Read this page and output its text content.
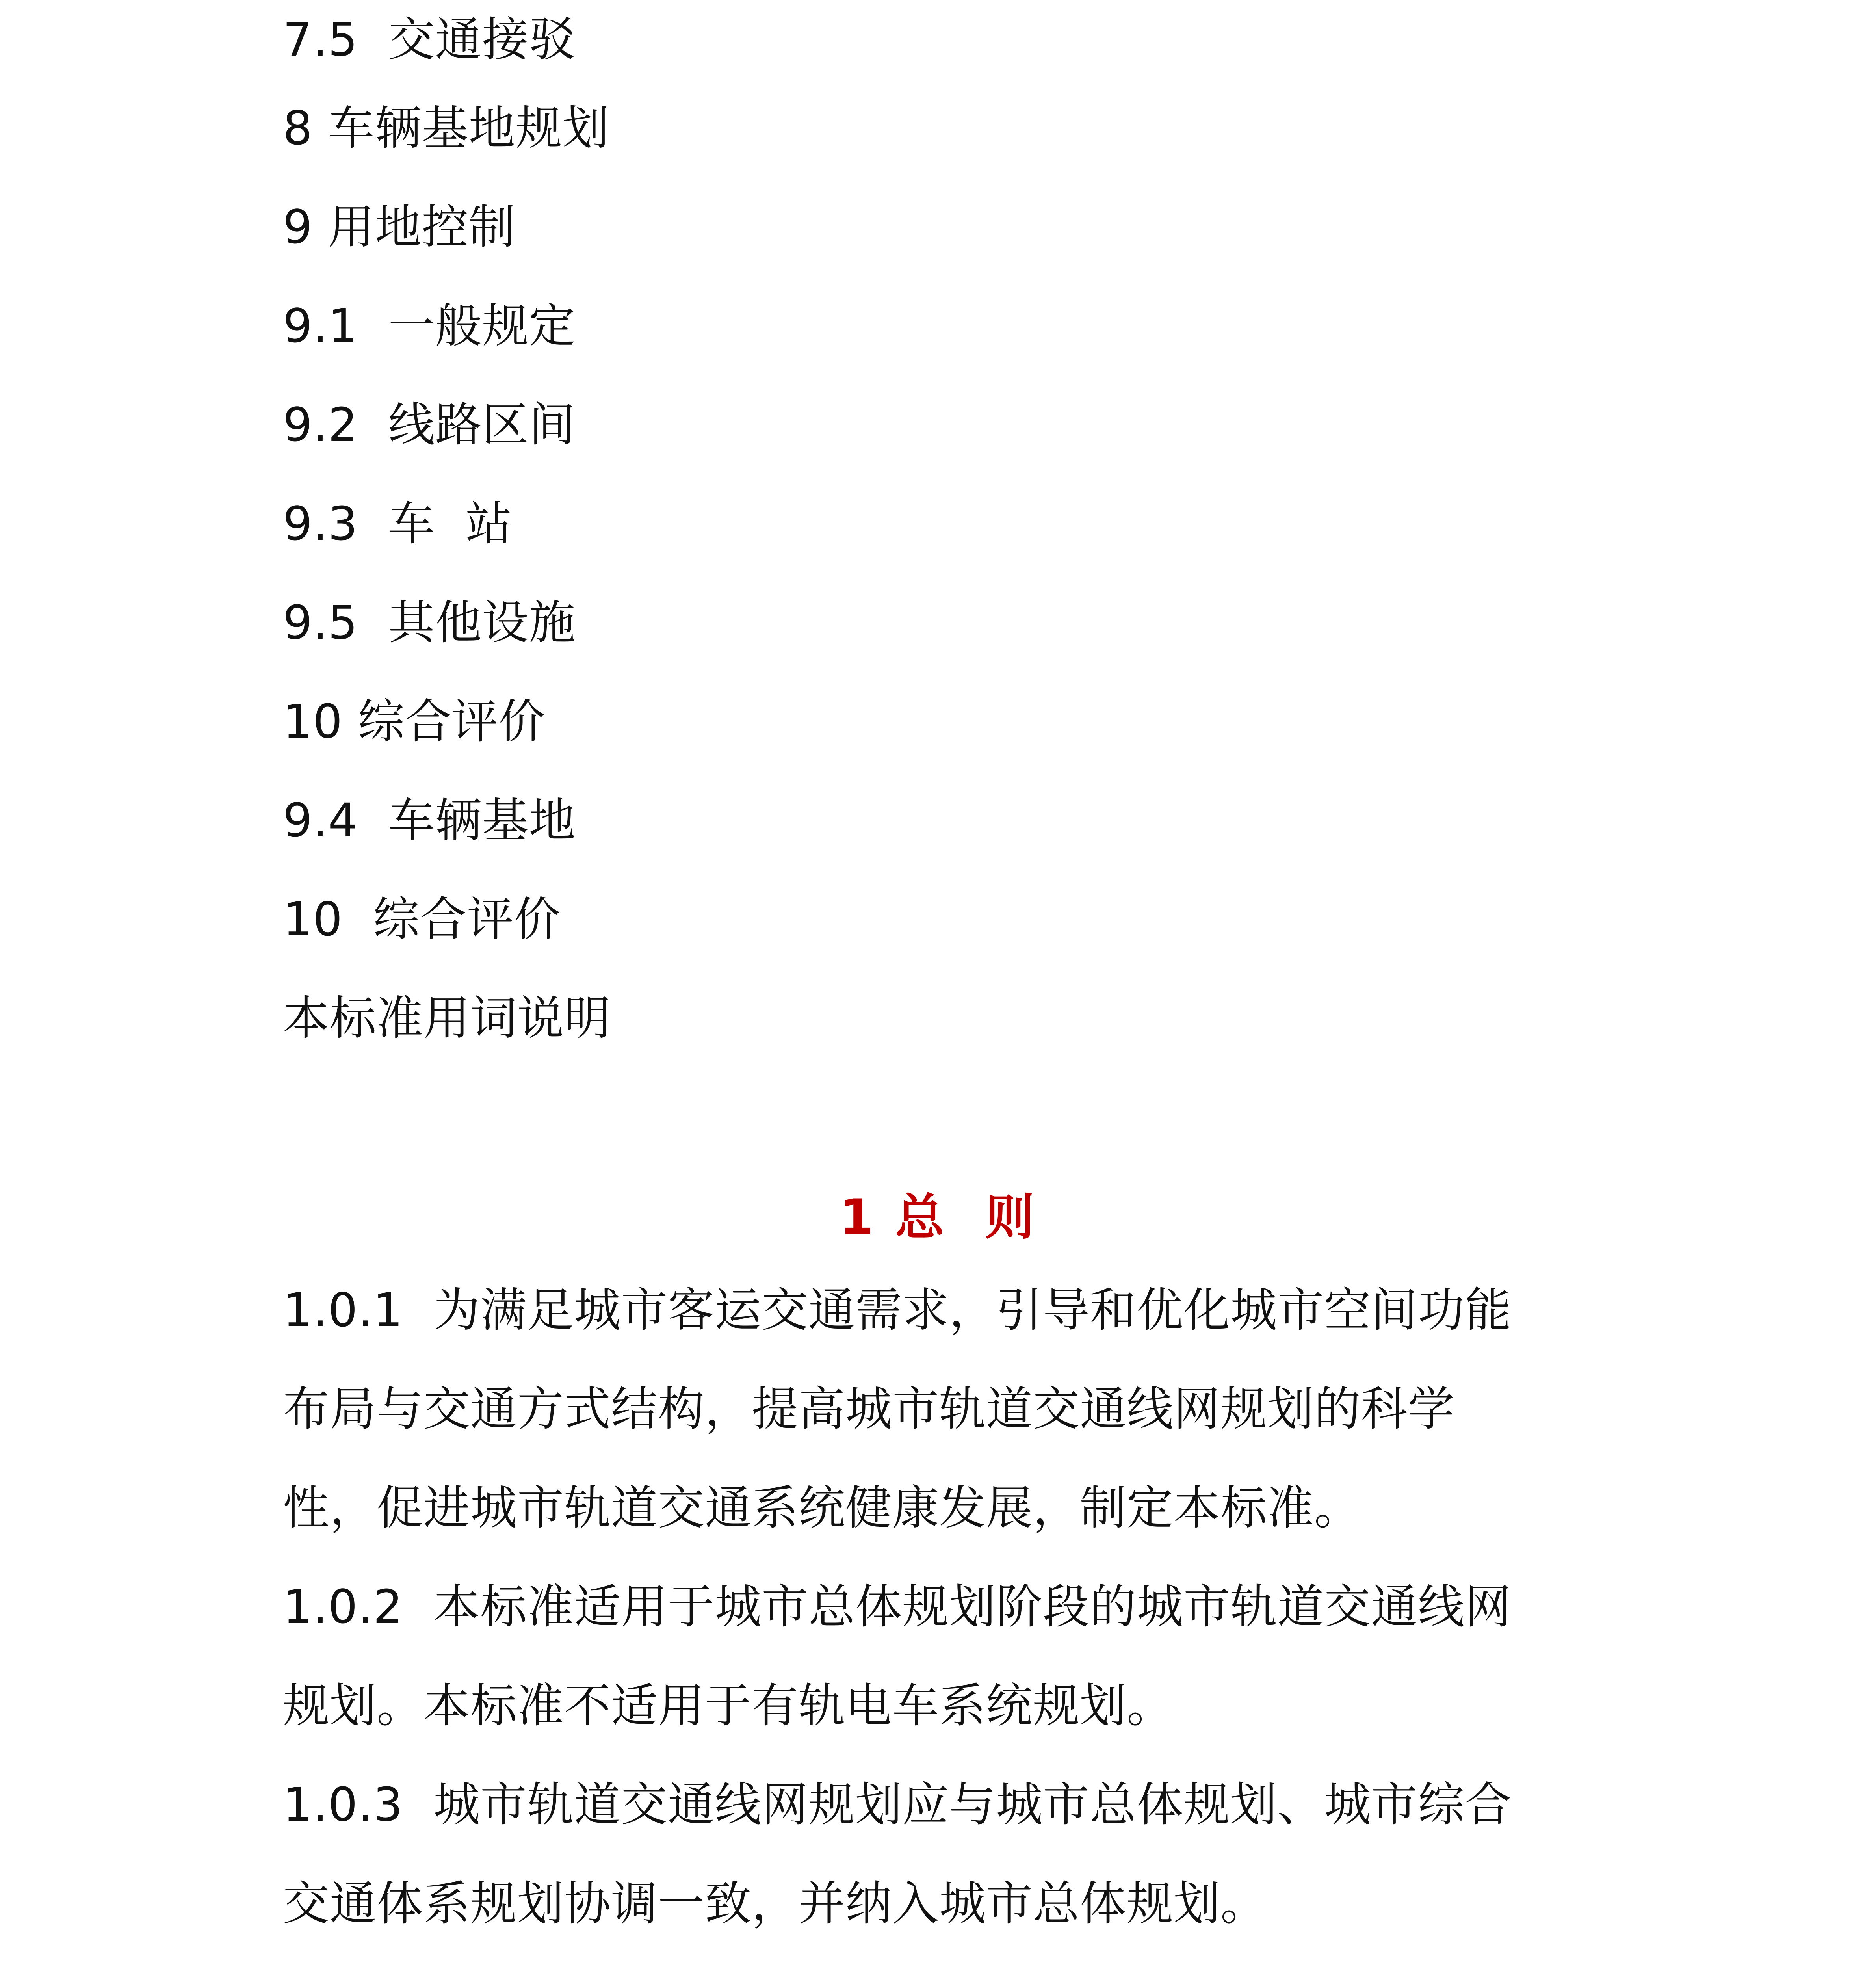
7.5  交通接驳
8 车辆基地规划
9 用地控制
9.1  一般规定
9.2  线路区间
9.3  车  站
9.5  其他设施
10 综合评价
9.4  车辆基地
10  综合评价
本标准用词说明
1 总  则
1.0.1  为满足城市客运交通需求，引导和优化城市空间功能
布局与交通方式结构，提高城市轨道交通线网规划的科学
性，促进城市轨道交通系统健康发展，制定本标准。
1.0.2  本标准适用于城市总体规划阶段的城市轨道交通线网
规划。本标准不适用于有轨电车系统规划。
1.0.3  城市轨道交通线网规划应与城市总体规划、城市综合
交通体系规划协调一致，并纳入城市总体规划。
